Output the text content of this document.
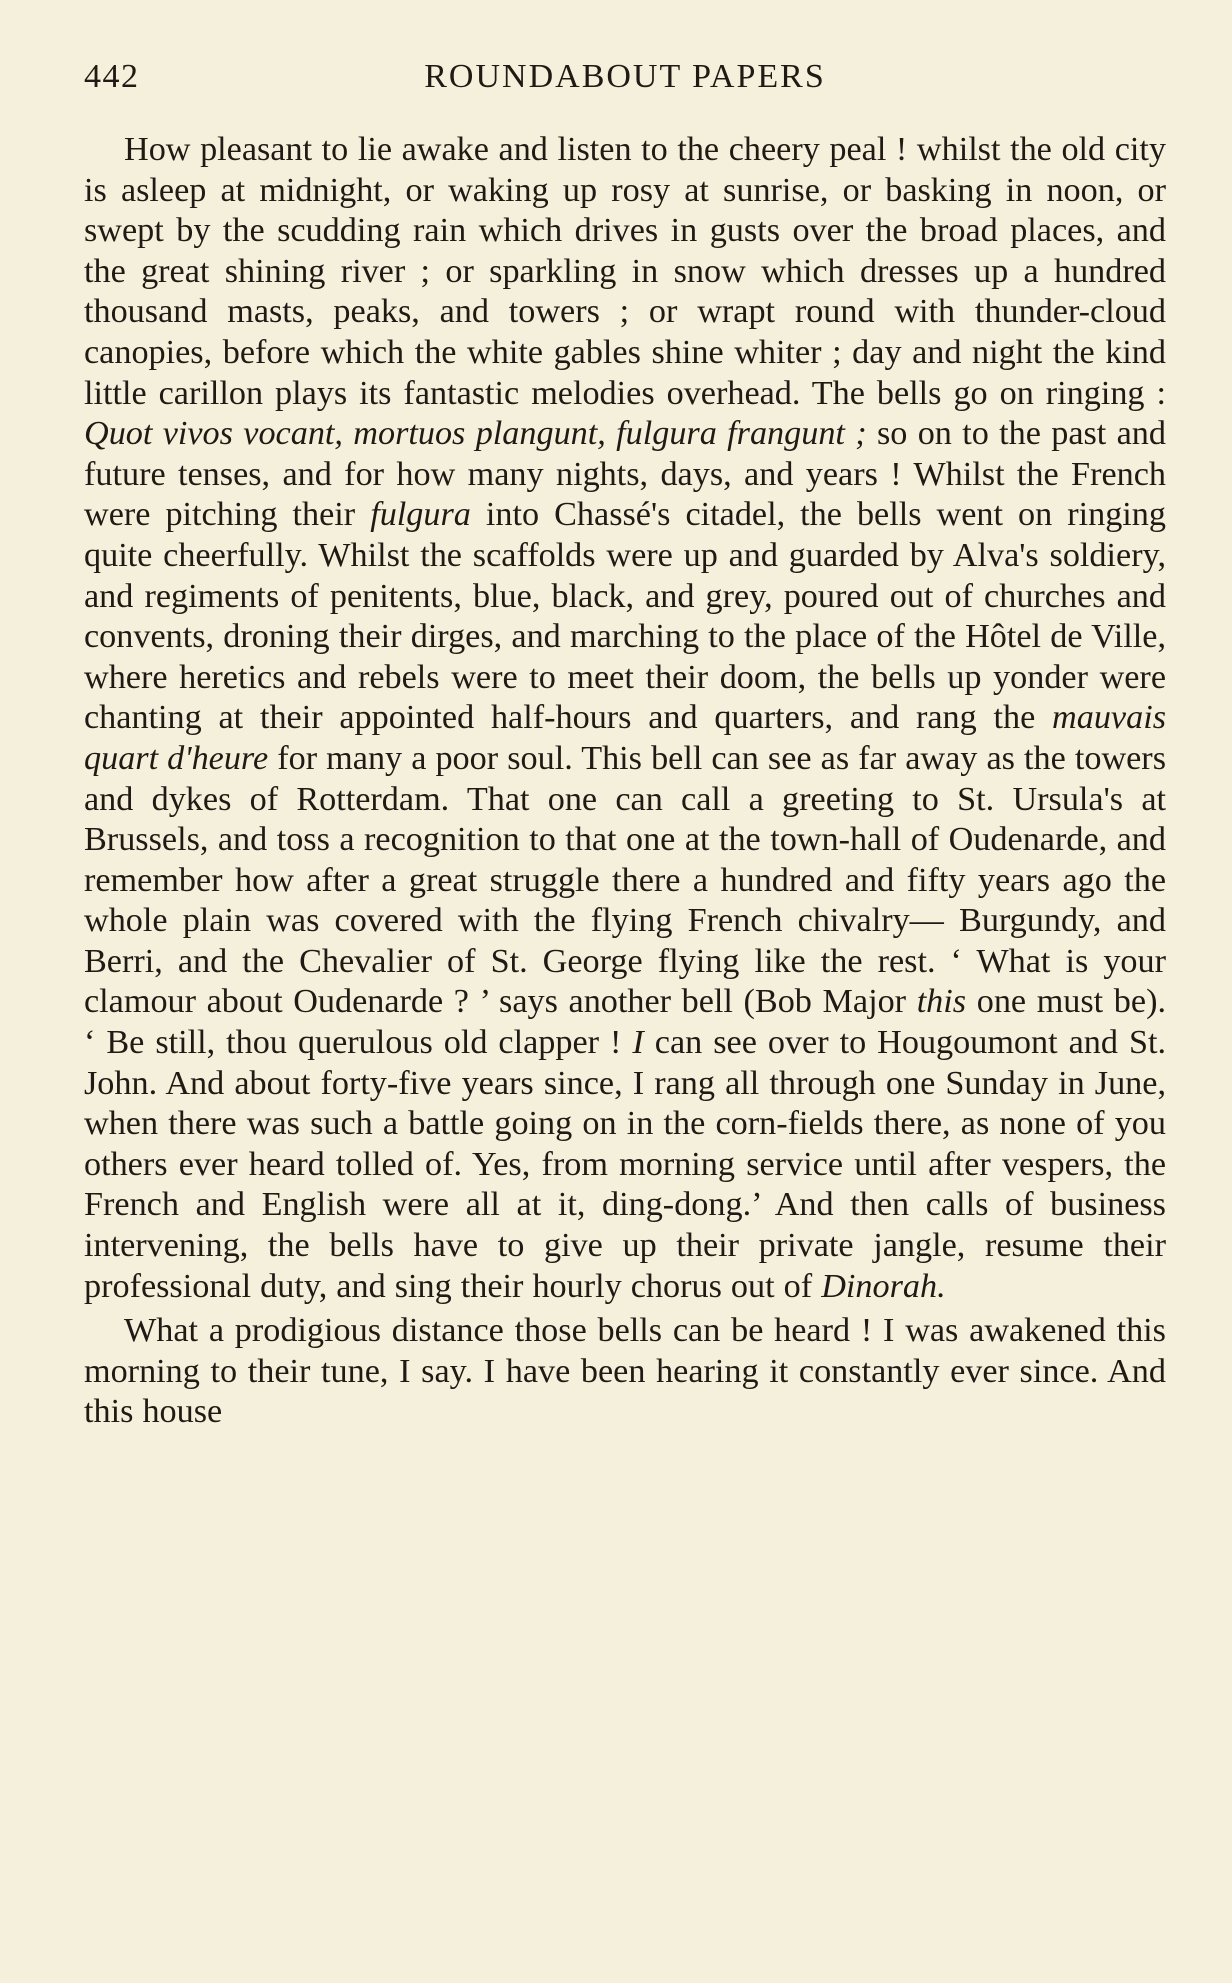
442	ROUNDABOUT PAPERS

How pleasant to lie awake and listen to the cheery peal ! whilst the old city is asleep at midnight, or waking up rosy at sunrise, or basking in noon, or swept by the scudding rain which drives in gusts over the broad places, and the great shining river ; or sparkling in snow which dresses up a hundred thousand masts, peaks, and towers ; or wrapt round with thunder-cloud canopies, before which the white gables shine whiter ; day and night the kind little carillon plays its fantastic melodies overhead. The bells go on ringing : Quot vivos vocant, mortuos plangunt, fulgura frangunt ; so on to the past and future tenses, and for how many nights, days, and years ! Whilst the French were pitching their fulgura into Chassé's citadel, the bells went on ringing quite cheerfully. Whilst the scaffolds were up and guarded by Alva's soldiery, and regiments of penitents, blue, black, and grey, poured out of churches and convents, droning their dirges, and marching to the place of the Hôtel de Ville, where heretics and rebels were to meet their doom, the bells up yonder were chanting at their appointed half-hours and quarters, and rang the mauvais quart d'heure for many a poor soul. This bell can see as far away as the towers and dykes of Rotterdam. That one can call a greeting to St. Ursula's at Brussels, and toss a recognition to that one at the town-hall of Oudenarde, and remember how after a great struggle there a hundred and fifty years ago the whole plain was covered with the flying French chivalry— Burgundy, and Berri, and the Chevalier of St. George flying like the rest. ‘ What is your clamour about Oudenarde ? ’ says another bell (Bob Major this one must be). ‘ Be still, thou querulous old clapper ! I can see over to Hougoumont and St. John. And about forty-five years since, I rang all through one Sunday in June, when there was such a battle going on in the corn-fields there, as none of you others ever heard tolled of. Yes, from morning service until after vespers, the French and English were all at it, ding-dong.’ And then calls of business intervening, the bells have to give up their private jangle, resume their professional duty, and sing their hourly chorus out of Dinorah.

What a prodigious distance those bells can be heard ! I was awakened this morning to their tune, I say. I have been hearing it constantly ever since. And this house
